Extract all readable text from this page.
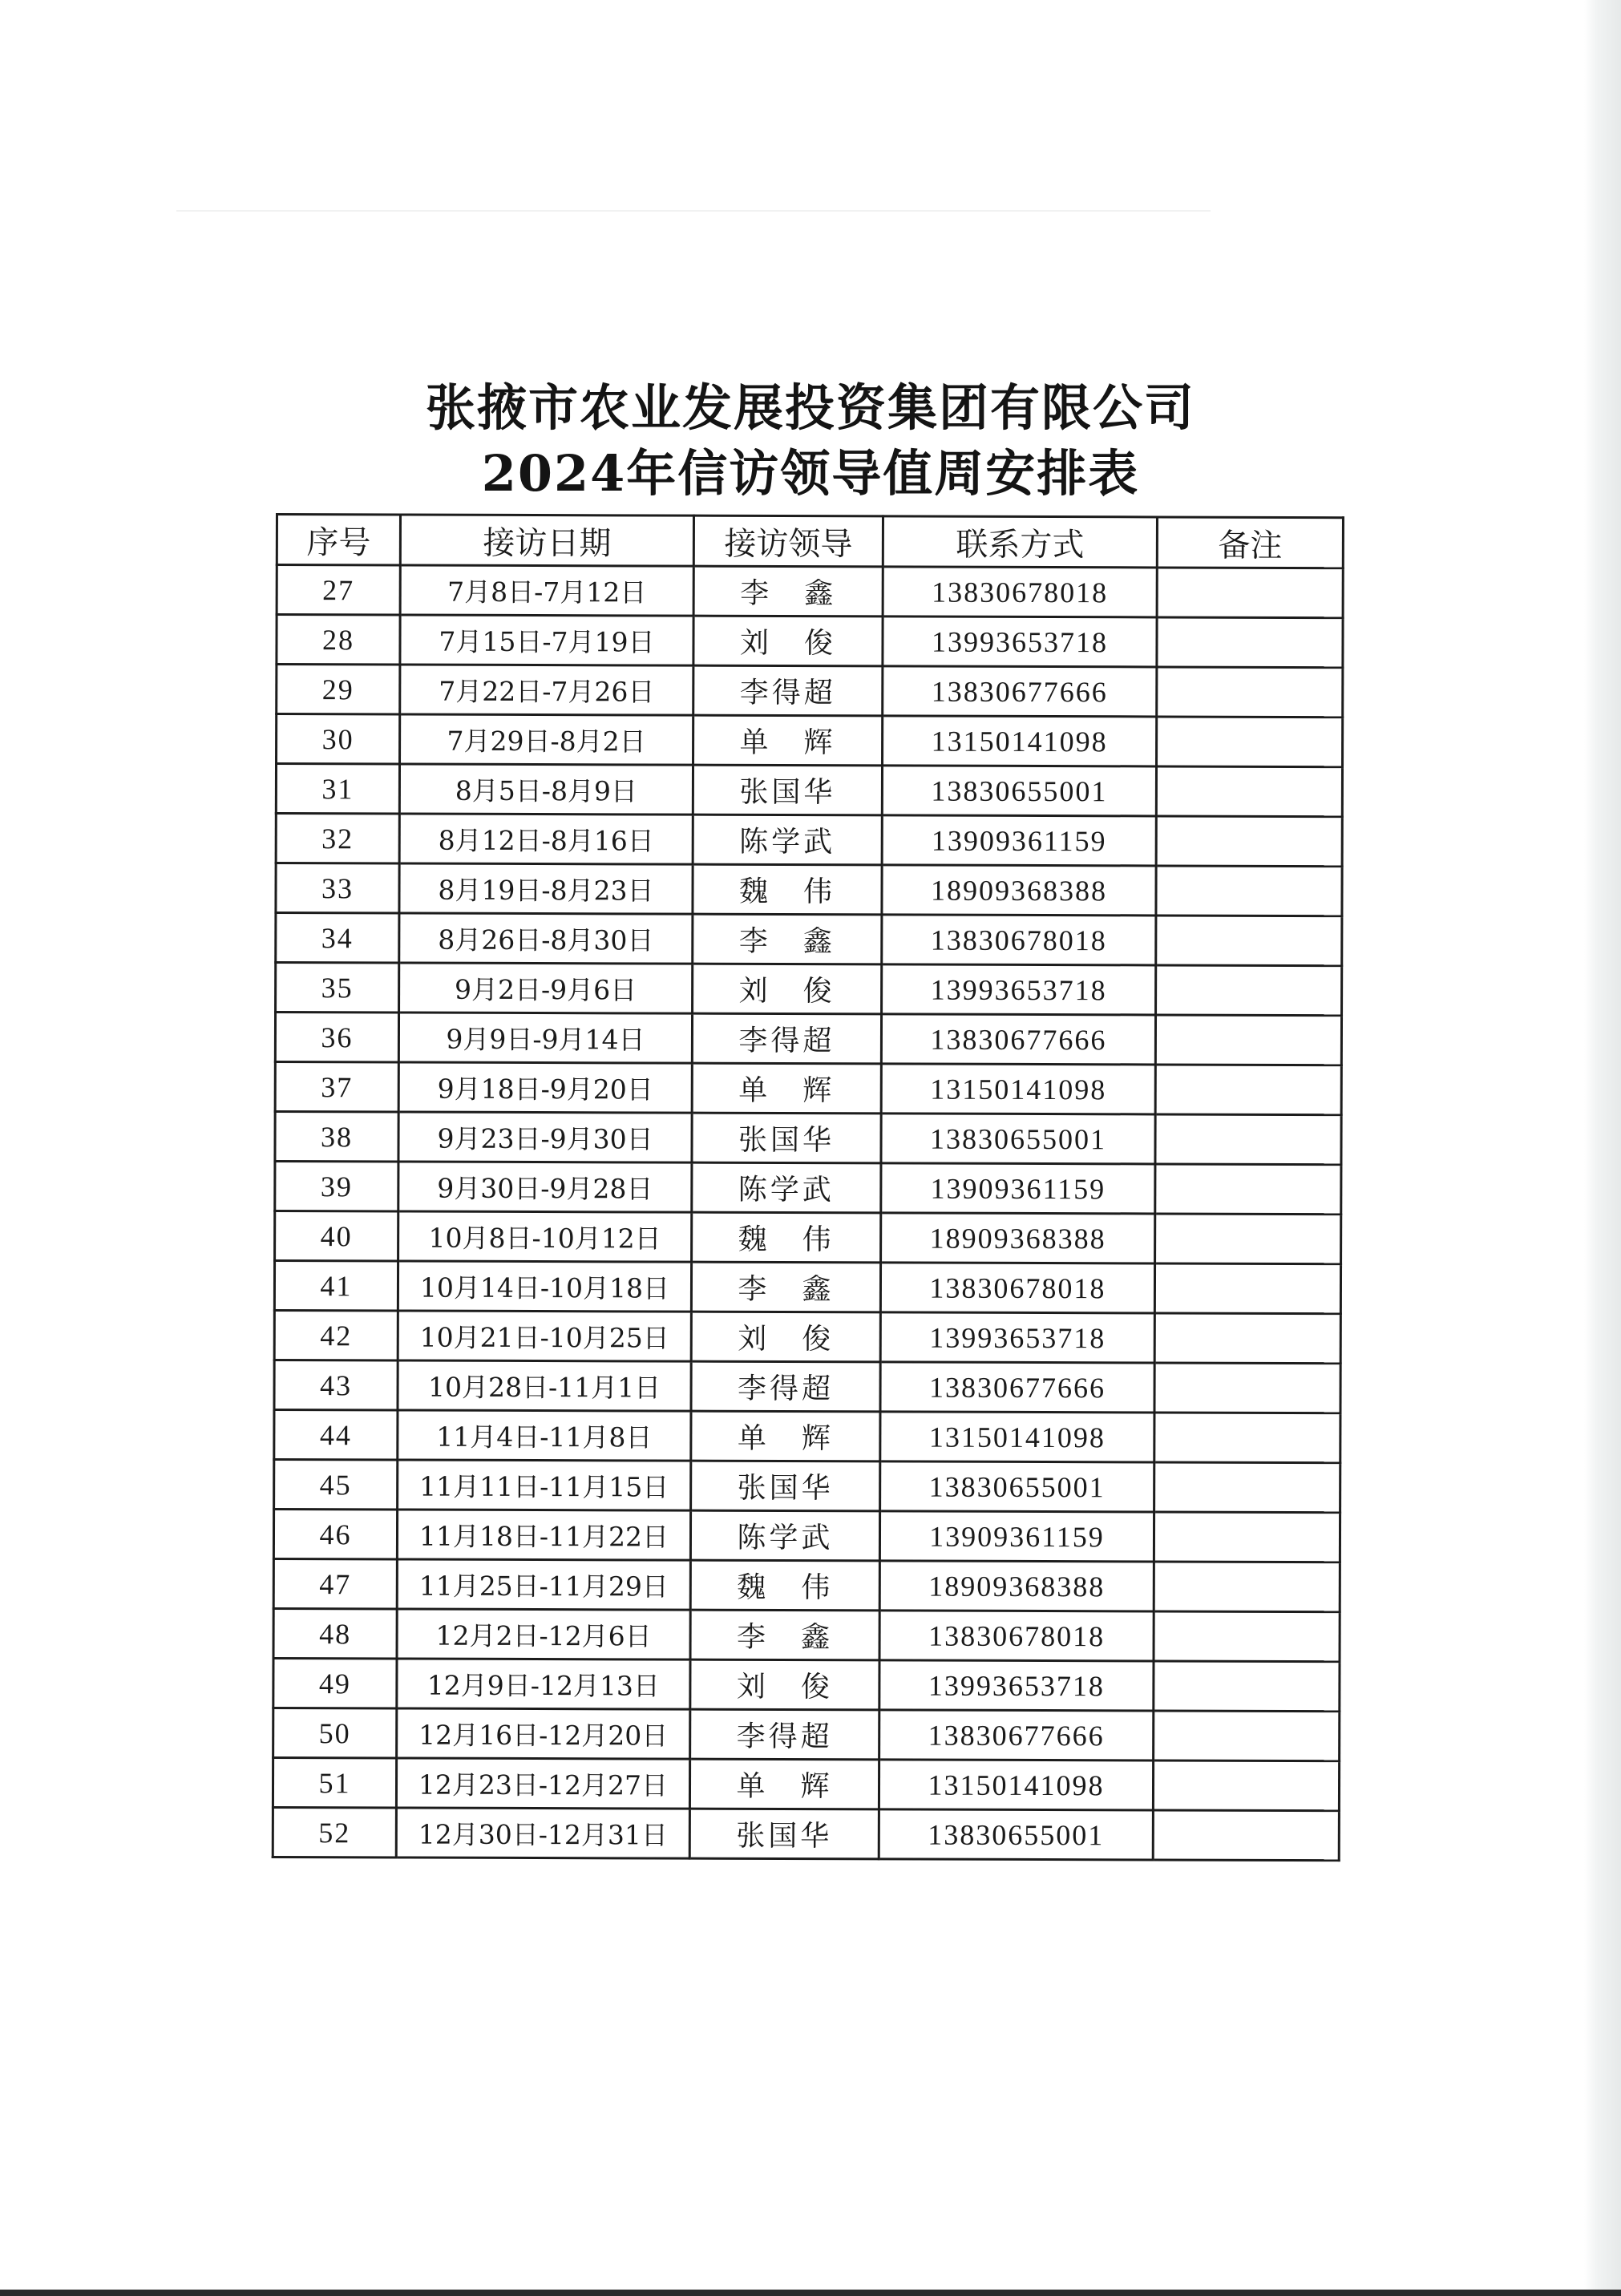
张掖市农业发展投资集团有限公司
2024年信访领导值周安排表
序号	接访日期	接访领导	联系方式	备注
27	7月8日-7月12日	李　鑫	13830678018	
28	7月15日-7月19日	刘　俊	13993653718	
29	7月22日-7月26日	李得超	13830677666	
30	7月29日-8月2日	单　辉	13150141098	
31	8月5日-8月9日	张国华	13830655001	
32	8月12日-8月16日	陈学武	13909361159	
33	8月19日-8月23日	魏　伟	18909368388	
34	8月26日-8月30日	李　鑫	13830678018	
35	9月2日-9月6日	刘　俊	13993653718	
36	9月9日-9月14日	李得超	13830677666	
37	9月18日-9月20日	单　辉	13150141098	
38	9月23日-9月30日	张国华	13830655001	
39	9月30日-9月28日	陈学武	13909361159	
40	10月8日-10月12日	魏　伟	18909368388	
41	10月14日-10月18日	李　鑫	13830678018	
42	10月21日-10月25日	刘　俊	13993653718	
43	10月28日-11月1日	李得超	13830677666	
44	11月4日-11月8日	单　辉	13150141098	
45	11月11日-11月15日	张国华	13830655001	
46	11月18日-11月22日	陈学武	13909361159	
47	11月25日-11月29日	魏　伟	18909368388	
48	12月2日-12月6日	李　鑫	13830678018	
49	12月9日-12月13日	刘　俊	13993653718	
50	12月16日-12月20日	李得超	13830677666	
51	12月23日-12月27日	单　辉	13150141098	
52	12月30日-12月31日	张国华	13830655001	
